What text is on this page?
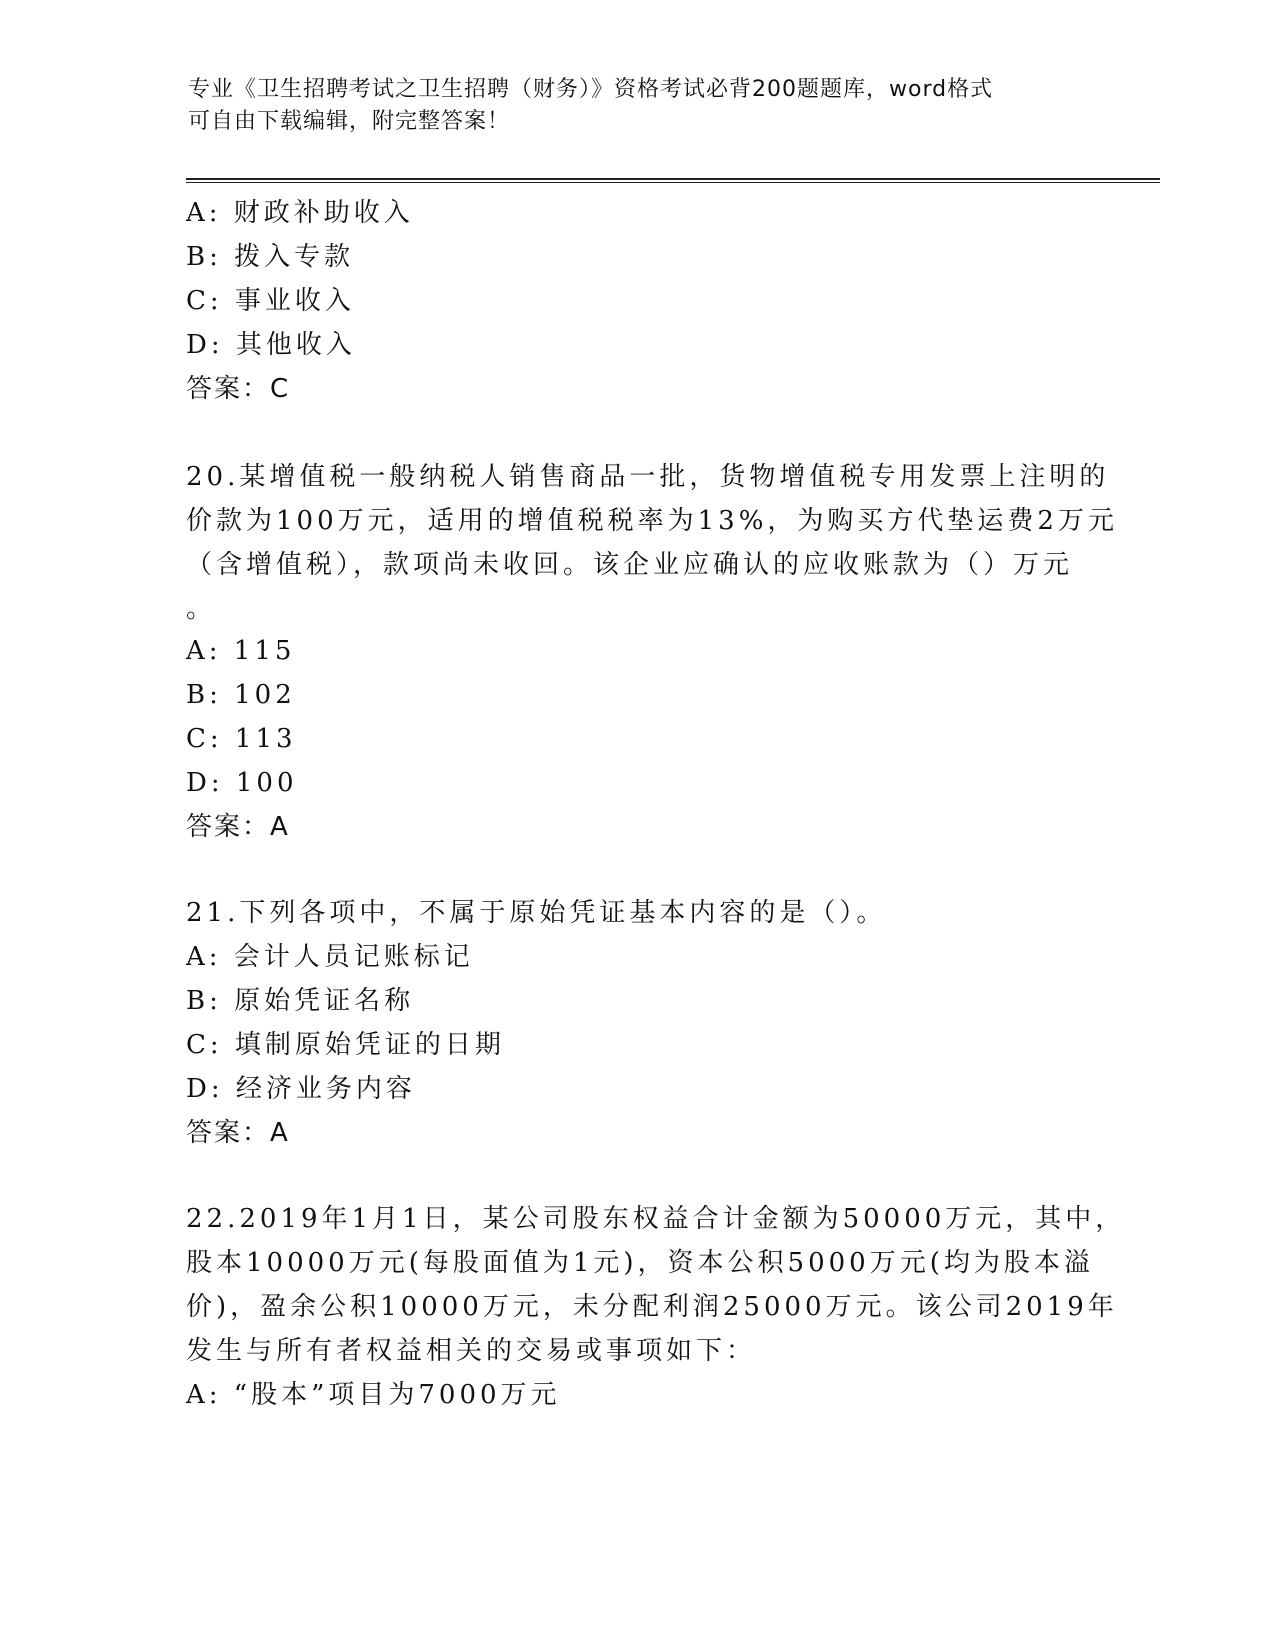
专业《卫生招聘考试之卫生招聘（财务）》资格考试必背200题题库，word格式
可自由下载编辑，附完整答案！
A: 财政补助收入
B: 拨入专款
C: 事业收入
D: 其他收入
答案：C
20.某增值税一般纳税人销售商品一批，货物增值税专用发票上注明的
价款为100万元，适用的增值税税率为13%，为购买方代垫运费2万元
（含增值税），款项尚未收回。该企业应确认的应收账款为（）万元
。
A: 115
B: 102
C: 113
D: 100
答案：A
21.下列各项中，不属于原始凭证基本内容的是（）。
A: 会计人员记账标记
B: 原始凭证名称
C: 填制原始凭证的日期
D: 经济业务内容
答案：A
22.2019年1月1日，某公司股东权益合计金额为50000万元，其中，
股本10000万元(每股面值为1元)，资本公积5000万元(均为股本溢
价)，盈余公积10000万元，未分配利润25000万元。该公司2019年
发生与所有者权益相关的交易或事项如下：
A: “股本”项目为7000万元
